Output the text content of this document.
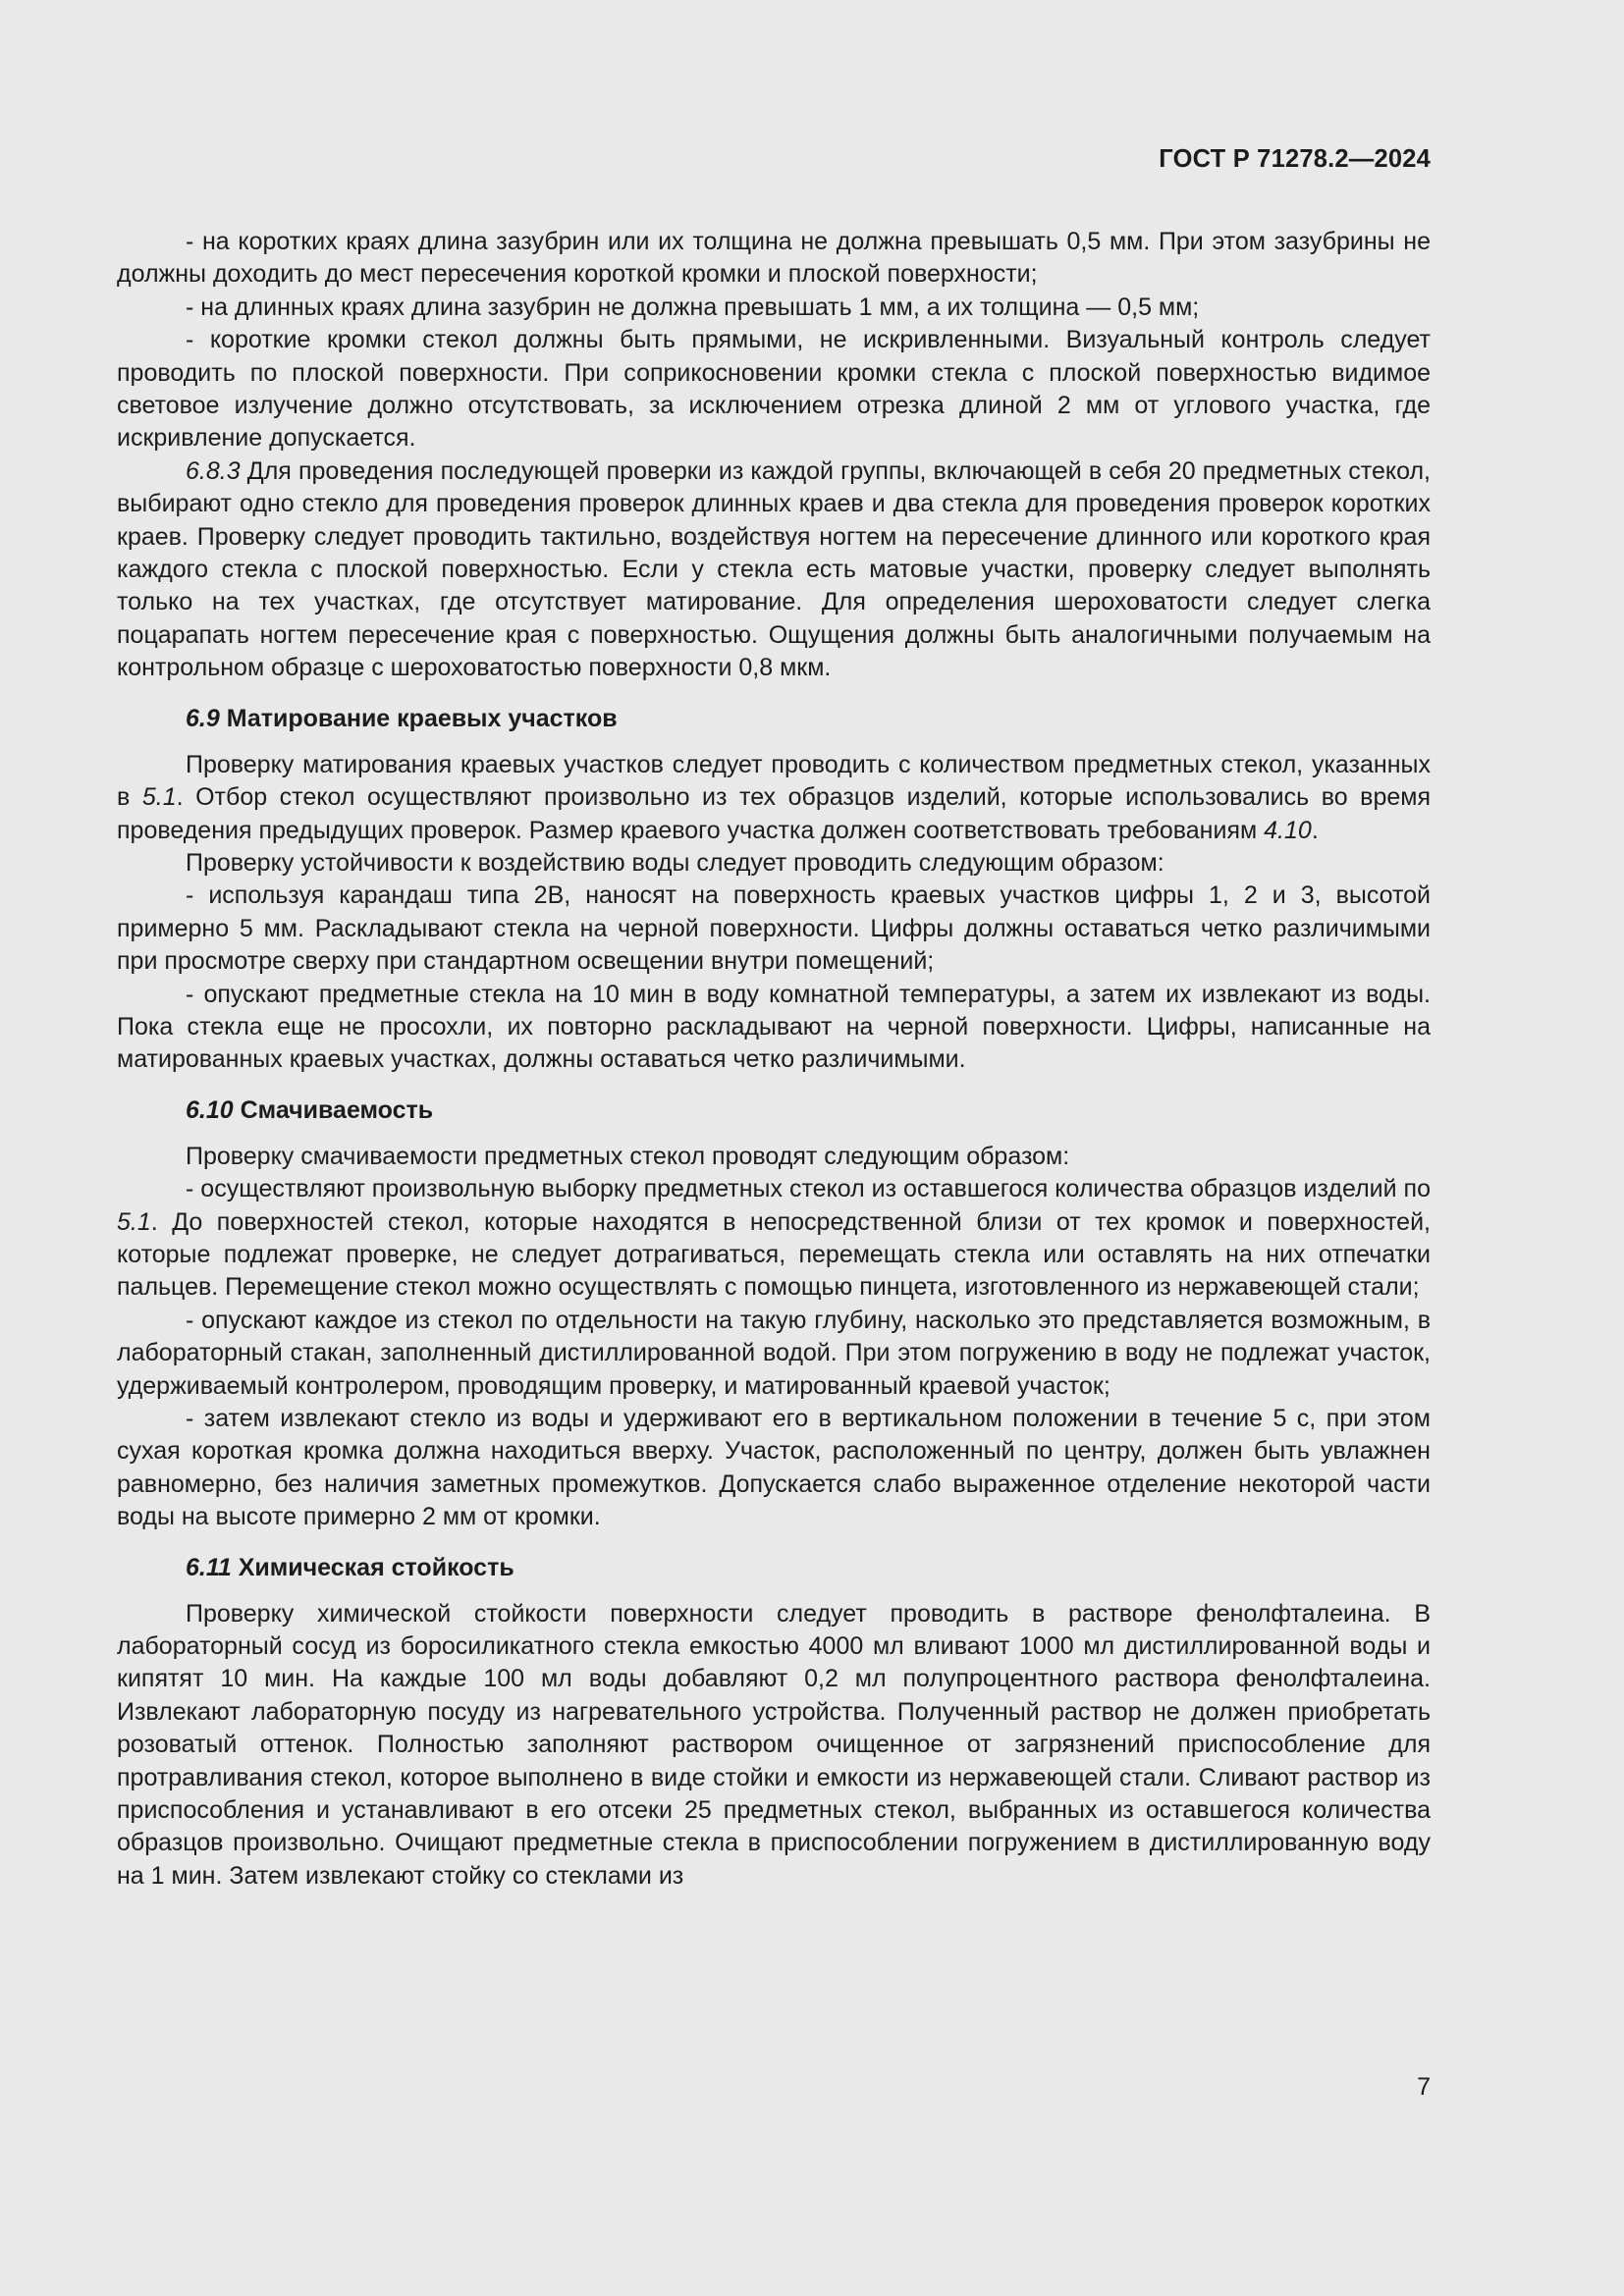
ГОСТ Р 71278.2—2024

- на коротких краях длина зазубрин или их толщина не должна превышать 0,5 мм. При этом зазубрины не должны доходить до мест пересечения короткой кромки и плоской поверхности;

- на длинных краях длина зазубрин не должна превышать 1 мм, а их толщина — 0,5 мм;

- короткие кромки стекол должны быть прямыми, не искривленными. Визуальный контроль следует проводить по плоской поверхности. При соприкосновении кромки стекла с плоской поверхностью видимое световое излучение должно отсутствовать, за исключением отрезка длиной 2 мм от углового участка, где искривление допускается.

6.8.3 Для проведения последующей проверки из каждой группы, включающей в себя 20 предметных стекол, выбирают одно стекло для проведения проверок длинных краев и два стекла для проведения проверок коротких краев. Проверку следует проводить тактильно, воздействуя ногтем на пересечение длинного или короткого края каждого стекла с плоской поверхностью. Если у стекла есть матовые участки, проверку следует выполнять только на тех участках, где отсутствует матирование. Для определения шероховатости следует слегка поцарапать ногтем пересечение края с поверхностью. Ощущения должны быть аналогичными получаемым на контрольном образце с шероховатостью поверхности 0,8 мкм.

6.9 Матирование краевых участков

Проверку матирования краевых участков следует проводить с количеством предметных стекол, указанных в 5.1. Отбор стекол осуществляют произвольно из тех образцов изделий, которые использовались во время проведения предыдущих проверок. Размер краевого участка должен соответствовать требованиям 4.10.

Проверку устойчивости к воздействию воды следует проводить следующим образом:

- используя карандаш типа 2B, наносят на поверхность краевых участков цифры 1, 2 и 3, высотой примерно 5 мм. Раскладывают стекла на черной поверхности. Цифры должны оставаться четко различимыми при просмотре сверху при стандартном освещении внутри помещений;

- опускают предметные стекла на 10 мин в воду комнатной температуры, а затем их извлекают из воды. Пока стекла еще не просохли, их повторно раскладывают на черной поверхности. Цифры, написанные на матированных краевых участках, должны оставаться четко различимыми.

6.10 Смачиваемость

Проверку смачиваемости предметных стекол проводят следующим образом:

- осуществляют произвольную выборку предметных стекол из оставшегося количества образцов изделий по 5.1. До поверхностей стекол, которые находятся в непосредственной близи от тех кромок и поверхностей, которые подлежат проверке, не следует дотрагиваться, перемещать стекла или оставлять на них отпечатки пальцев. Перемещение стекол можно осуществлять с помощью пинцета, изготовленного из нержавеющей стали;

- опускают каждое из стекол по отдельности на такую глубину, насколько это представляется возможным, в лабораторный стакан, заполненный дистиллированной водой. При этом погружению в воду не подлежат участок, удерживаемый контролером, проводящим проверку, и матированный краевой участок;

- затем извлекают стекло из воды и удерживают его в вертикальном положении в течение 5 с, при этом сухая короткая кромка должна находиться вверху. Участок, расположенный по центру, должен быть увлажнен равномерно, без наличия заметных промежутков. Допускается слабо выраженное отделение некоторой части воды на высоте примерно 2 мм от кромки.

6.11 Химическая стойкость

Проверку химической стойкости поверхности следует проводить в растворе фенолфталеина. В лабораторный сосуд из боросиликатного стекла емкостью 4000 мл вливают 1000 мл дистиллированной воды и кипятят 10 мин. На каждые 100 мл воды добавляют 0,2 мл полупроцентного раствора фенолфталеина. Извлекают лабораторную посуду из нагревательного устройства. Полученный раствор не должен приобретать розоватый оттенок. Полностью заполняют раствором очищенное от загрязнений приспособление для протравливания стекол, которое выполнено в виде стойки и емкости из нержавеющей стали. Сливают раствор из приспособления и устанавливают в его отсеки 25 предметных стекол, выбранных из оставшегося количества образцов произвольно. Очищают предметные стекла в приспособлении погружением в дистиллированную воду на 1 мин. Затем извлекают стойку со стеклами из

7
